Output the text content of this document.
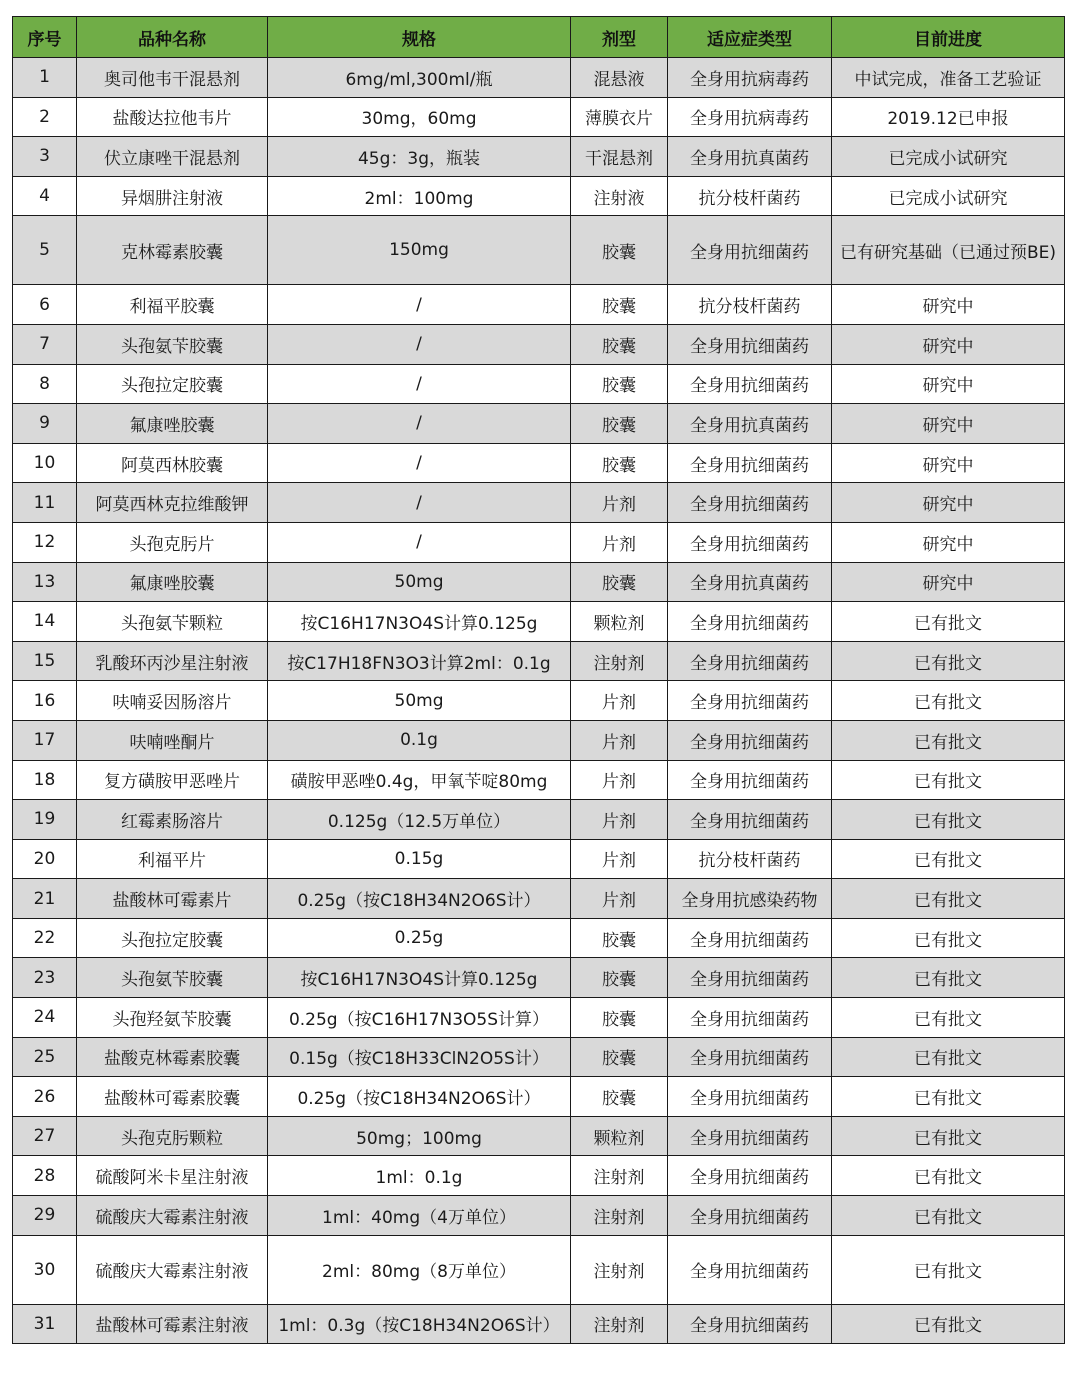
序号	品种名称	规格	剂型	适应症类型	目前进度
1	奥司他韦干混悬剂	6mg/ml,300ml/瓶	混悬液	全身用抗病毒药	中试完成，准备工艺验证
2	盐酸达拉他韦片	30mg，60mg	薄膜衣片	全身用抗病毒药	2019.12已申报
3	伏立康唑干混悬剂	45g：3g，瓶装	干混悬剂	全身用抗真菌药	已完成小试研究
4	异烟肼注射液	2ml：100mg	注射液	抗分枝杆菌药	已完成小试研究
5	克林霉素胶囊	150mg	胶囊	全身用抗细菌药	已有研究基础（已通过预BE)
6	利福平胶囊	/	胶囊	抗分枝杆菌药	研究中
7	头孢氨苄胶囊	/	胶囊	全身用抗细菌药	研究中
8	头孢拉定胶囊	/	胶囊	全身用抗细菌药	研究中
9	氟康唑胶囊	/	胶囊	全身用抗真菌药	研究中
10	阿莫西林胶囊	/	胶囊	全身用抗细菌药	研究中
11	阿莫西林克拉维酸钾	/	片剂	全身用抗细菌药	研究中
12	头孢克肟片	/	片剂	全身用抗细菌药	研究中
13	氟康唑胶囊	50mg	胶囊	全身用抗真菌药	研究中
14	头孢氨苄颗粒	按C16H17N3O4S计算0.125g	颗粒剂	全身用抗细菌药	已有批文
15	乳酸环丙沙星注射液	按C17H18FN3O3计算2ml：0.1g	注射剂	全身用抗细菌药	已有批文
16	呋喃妥因肠溶片	50mg	片剂	全身用抗细菌药	已有批文
17	呋喃唑酮片	0.1g	片剂	全身用抗细菌药	已有批文
18	复方磺胺甲恶唑片	磺胺甲恶唑0.4g，甲氧苄啶80mg	片剂	全身用抗细菌药	已有批文
19	红霉素肠溶片	0.125g（12.5万单位）	片剂	全身用抗细菌药	已有批文
20	利福平片	0.15g	片剂	抗分枝杆菌药	已有批文
21	盐酸林可霉素片	0.25g（按C18H34N2O6S计）	片剂	全身用抗感染药物	已有批文
22	头孢拉定胶囊	0.25g	胶囊	全身用抗细菌药	已有批文
23	头孢氨苄胶囊	按C16H17N3O4S计算0.125g	胶囊	全身用抗细菌药	已有批文
24	头孢羟氨苄胶囊	0.25g（按C16H17N3O5S计算）	胶囊	全身用抗细菌药	已有批文
25	盐酸克林霉素胶囊	0.15g（按C18H33ClN2O5S计）	胶囊	全身用抗细菌药	已有批文
26	盐酸林可霉素胶囊	0.25g（按C18H34N2O6S计）	胶囊	全身用抗细菌药	已有批文
27	头孢克肟颗粒	50mg；100mg	颗粒剂	全身用抗细菌药	已有批文
28	硫酸阿米卡星注射液	1ml：0.1g	注射剂	全身用抗细菌药	已有批文
29	硫酸庆大霉素注射液	1ml：40mg（4万单位）	注射剂	全身用抗细菌药	已有批文
30	硫酸庆大霉素注射液	2ml：80mg（8万单位）	注射剂	全身用抗细菌药	已有批文
31	盐酸林可霉素注射液	1ml：0.3g（按C18H34N2O6S计）	注射剂	全身用抗细菌药	已有批文
